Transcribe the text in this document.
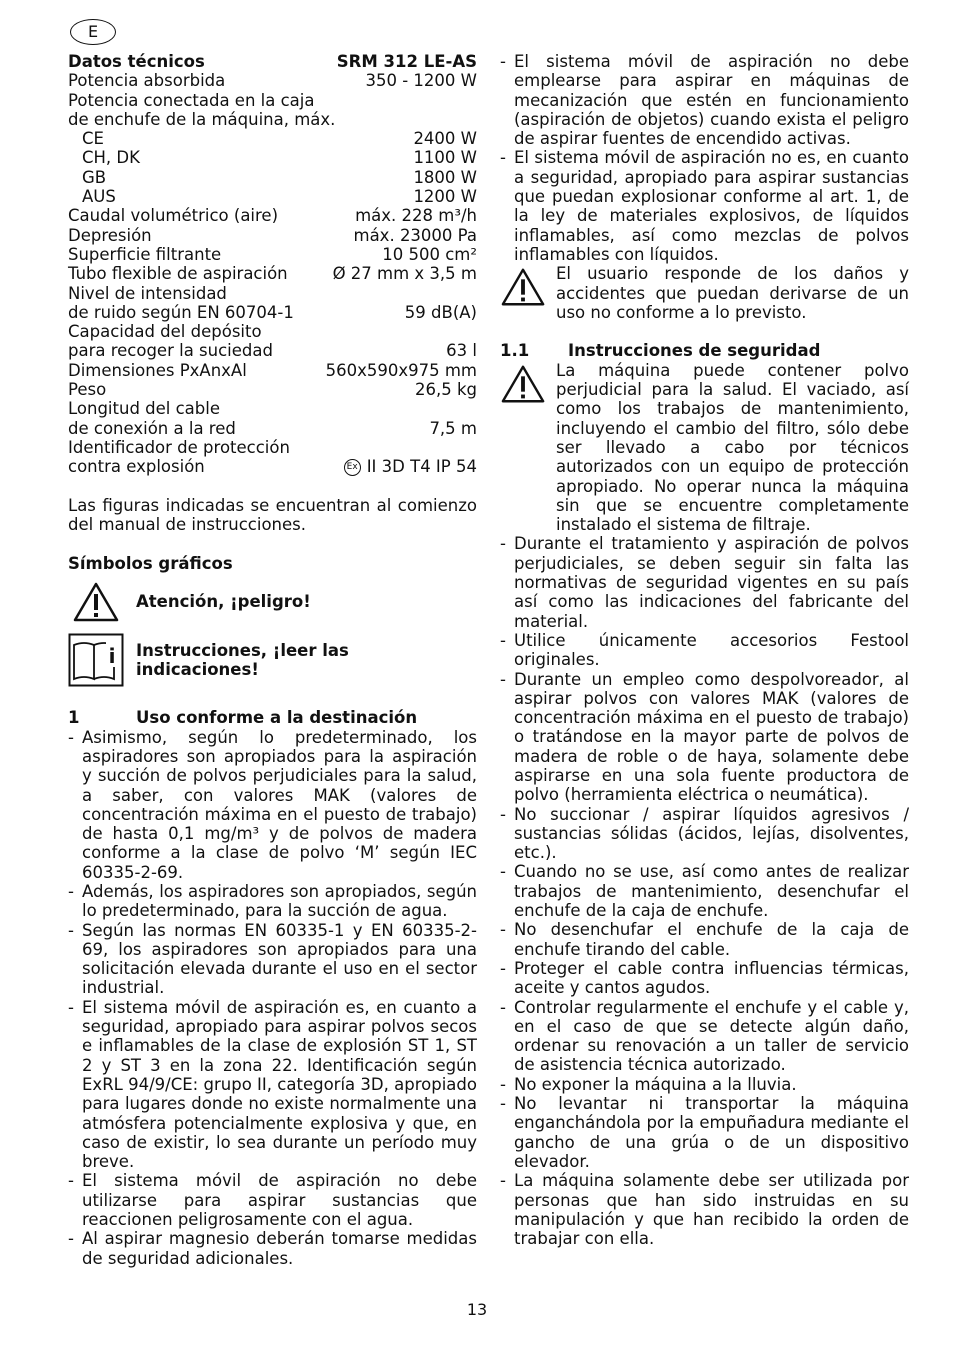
E
Datos técnicos	SRM 312 LE-AS
Potencia absorbida	350 - 1200 W
Potencia conectada en la caja
de enchufe de la máquina, máx.
CE	2400 W
CH, DK	1100 W
GB	1800 W
AUS	1200 W
Caudal volumétrico (aire)	máx. 228 m³/h
Depresión	máx. 23000 Pa
Superficie filtrante	10 500 cm²
Tubo flexible de aspiración	Ø 27 mm x 3,5 m
Nivel de intensidad
de ruido según EN 60704-1	59 dB(A)
Capacidad del depósito
para recoger la suciedad	63 l
Dimensiones PxAnxAl	560x590x975 mm
Peso	26,5 kg
Longitud del cable
de conexión a la red	7,5 m
Identificador de protección
contra explosión	Ex II 3D T4 IP 54

Las figuras indicadas se encuentran al comienzo del manual de instrucciones.

Símbolos gráficos

Atención, ¡peligro!
i Instrucciones, ¡leer las indicaciones!
1	Uso conforme a la destinación
- Asimismo, según lo predeterminado, los aspiradores son apropiados para la aspiración y succión de polvos perjudiciales para la salud, a saber, con valores MAK (valores de concentración máxima en el puesto de trabajo) de hasta 0,1 mg/m³ y de polvos de madera conforme a la clase de polvo ‘M’ según IEC 60335-2-69.
- Además, los aspiradores son apropiados, según lo predeterminado, para la succión de agua.
- Según las normas EN 60335-1 y EN 60335-2-69, los aspiradores son apropiados para una solicitación elevada durante el uso en el sector industrial.
- El sistema móvil de aspiración es, en cuanto a seguridad, apropiado para aspirar polvos secos e inflamables de la clase de explosión ST 1, ST 2 y ST 3 en la zona 22. Identificación según ExRL 94/9/CE: grupo II, categoría 3D, apropiado para lugares donde no existe normalmente una atmósfera potencialmente explosiva y que, en caso de existir, lo sea durante un período muy breve.
- El sistema móvil de aspiración no debe utilizarse para aspirar sustancias que reaccionen peligrosamente con el agua.
- Al aspirar magnesio deberán tomarse medidas de seguridad adicionales.
- El sistema móvil de aspiración no debe emplearse para aspirar en máquinas de mecanización que estén en funcionamiento (aspiración de objetos) cuando exista el peligro de aspirar fuentes de encendido activas.
- El sistema móvil de aspiración no es, en cuanto a seguridad, apropiado para aspirar sustancias que puedan explosionar conforme al art. 1, de la ley de materiales explosivos, de líquidos inflamables, así como mezclas de polvos inflamables con líquidos.

El usuario responde de los daños y accidentes que puedan derivarse de un uso no conforme a lo previsto.

1.1	Instrucciones de seguridad

La máquina puede contener polvo perjudicial para la salud. El vaciado, así como los trabajos de mantenimiento, incluyendo el cambio del filtro, sólo debe ser llevado a cabo por técnicos autorizados con un equipo de protección apropiado. No operar nunca la máquina sin que se encuentre completamente instalado el sistema de filtraje.

- Durante el tratamiento y aspiración de polvos perjudiciales, se deben seguir sin falta las normativas de seguridad vigentes en su país así como las indicaciones del fabricante del material.
- Utilice únicamente accesorios Festool originales.
- Durante un empleo como despolvoreador, al aspirar polvos con valores MAK (valores de concentración máxima en el puesto de trabajo) o tratándose en la mayor parte de polvos de madera de roble o de haya, solamente debe aspirarse en una sola fuente productora de polvo (herramienta eléctrica o neumática).
- No succionar / aspirar líquidos agresivos / sustancias sólidas (ácidos, lejías, disolventes, etc.).
- Cuando no se use, así como antes de realizar trabajos de mantenimiento, desenchufar el enchufe de la caja de enchufe.
- No desenchufar el enchufe de la caja de enchufe tirando del cable.
- Proteger el cable contra influencias térmicas, aceite y cantos agudos.
- Controlar regularmente el enchufe y el cable y, en el caso de que se detecte algún daño, ordenar su renovación a un taller de servicio de asistencia técnica autorizado.
- No exponer la máquina a la lluvia.
- No levantar ni transportar la máquina enganchándola por la empuñadura mediante el gancho de una grúa o de un dispositivo elevador.
- La máquina solamente debe ser utilizada por personas que han sido instruidas en su manipulación y que han recibido la orden de trabajar con ella.
13
